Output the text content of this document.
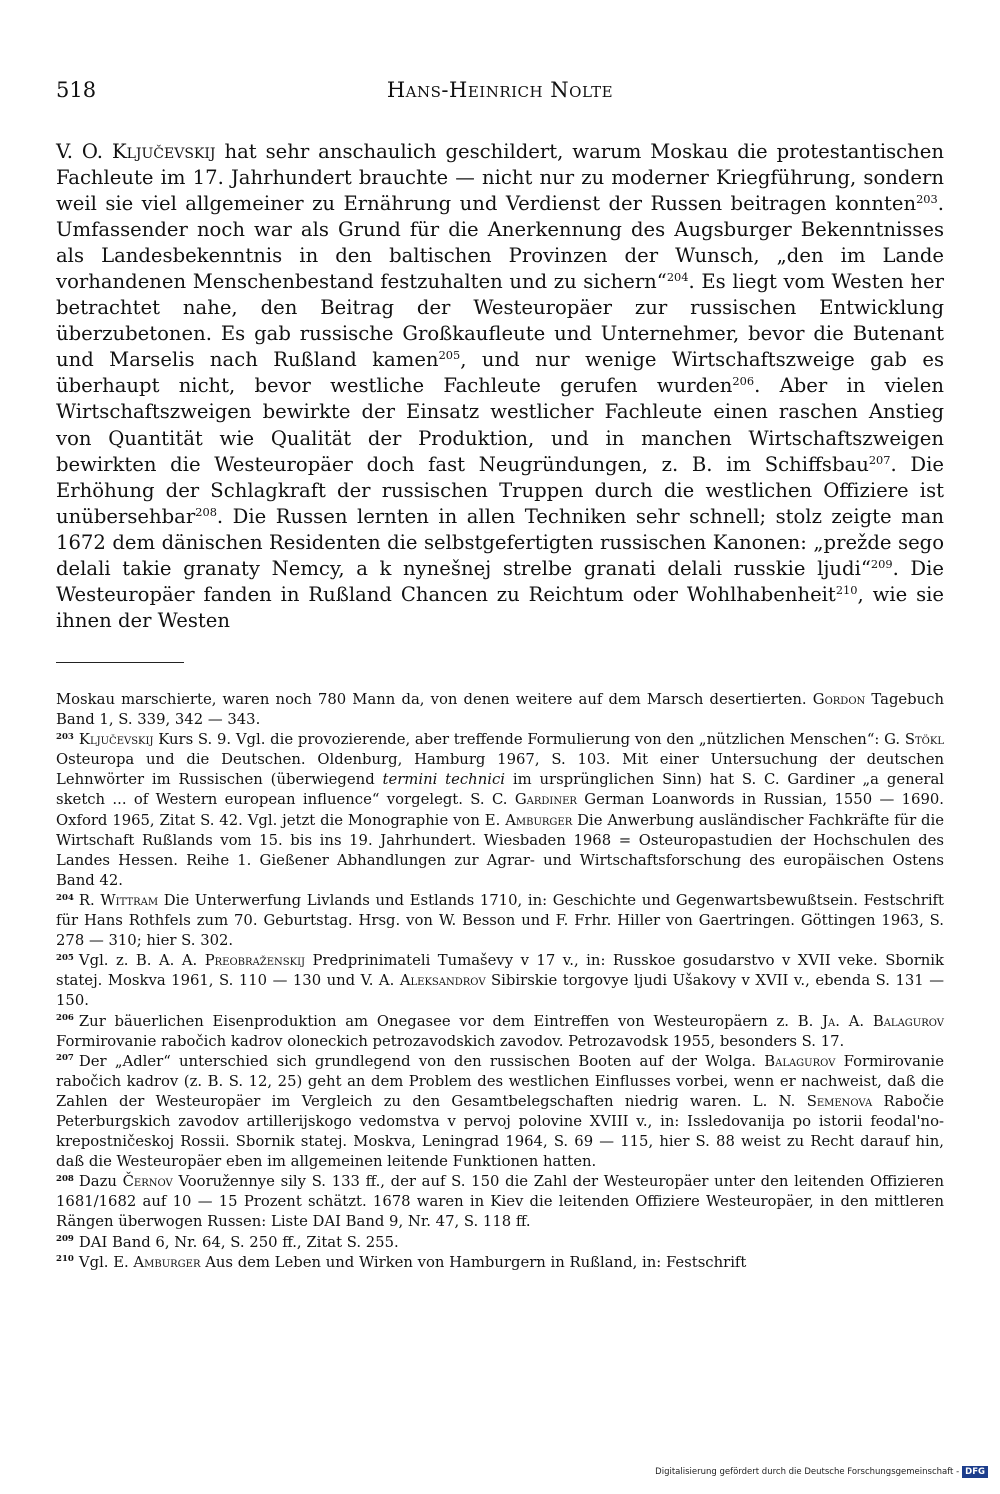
518	Hans-Heinrich Nolte

V. O. Ključevskij hat sehr anschaulich geschildert, warum Moskau die protestantischen Fachleute im 17. Jahrhundert brauchte — nicht nur zu moderner Kriegführung, sondern weil sie viel allgemeiner zu Ernährung und Verdienst der Russen beitragen konnten$^{203}$. Umfassender noch war als Grund für die Anerkennung des Augsburger Bekenntnisses als Landesbekenntnis in den baltischen Provinzen der Wunsch, „den im Lande vorhandenen Menschenbestand festzuhalten und zu sichern“$^{204}$. Es liegt vom Westen her betrachtet nahe, den Beitrag der Westeuropäer zur russischen Entwicklung überzubetonen. Es gab russische Großkaufleute und Unternehmer, bevor die Butenant und Marselis nach Rußland kamen$^{205}$, und nur wenige Wirtschaftszweige gab es überhaupt nicht, bevor westliche Fachleute gerufen wurden$^{206}$. Aber in vielen Wirtschaftszweigen bewirkte der Einsatz westlicher Fachleute einen raschen Anstieg von Quantität wie Qualität der Produktion, und in manchen Wirtschaftszweigen bewirkten die Westeuropäer doch fast Neugründungen, z. B. im Schiffsbau$^{207}$. Die Erhöhung der Schlagkraft der russischen Truppen durch die westlichen Offiziere ist unübersehbar$^{208}$. Die Russen lernten in allen Techniken sehr schnell; stolz zeigte man 1672 dem dänischen Residenten die selbstgefertigten russischen Kanonen: „prežde sego delali takie granaty Nemcy, a k nynešnej strelbe granati delali russkie ljudi“$^{209}$. Die Westeuropäer fanden in Rußland Chancen zu Reichtum oder Wohlhabenheit$^{210}$, wie sie ihnen der Westen

Moskau marschierte, waren noch 780 Mann da, von denen weitere auf dem Marsch desertierten. Gordon Tagebuch Band 1, S. 339, 342 — 343.

$^{203}$ Ključevskij Kurs S. 9. Vgl. die provozierende, aber treffende Formulierung von den „nützlichen Menschen“: G. Stökl Osteuropa und die Deutschen. Oldenburg, Hamburg 1967, S. 103. Mit einer Untersuchung der deutschen Lehnwörter im Russischen (überwiegend termini technici im ursprünglichen Sinn) hat S. C. Gardiner „a general sketch ... of Western european influence“ vorgelegt. S. C. Gardiner German Loanwords in Russian, 1550 — 1690. Oxford 1965, Zitat S. 42. Vgl. jetzt die Monographie von E. Amburger Die Anwerbung ausländischer Fachkräfte für die Wirtschaft Rußlands vom 15. bis ins 19. Jahrhundert. Wiesbaden 1968 = Osteuropastudien der Hochschulen des Landes Hessen. Reihe 1. Gießener Abhandlungen zur Agrar- und Wirtschaftsforschung des europäischen Ostens Band 42.

$^{204}$ R. Wittram Die Unterwerfung Livlands und Estlands 1710, in: Geschichte und Gegenwartsbewußtsein. Festschrift für Hans Rothfels zum 70. Geburtstag. Hrsg. von W. Besson und F. Frhr. Hiller von Gaertringen. Göttingen 1963, S. 278 — 310; hier S. 302.

$^{205}$ Vgl. z. B. A. A. Preobraženskij Predprinimateli Tumaševy v 17 v., in: Russkoe gosudarstvo v XVII veke. Sbornik statej. Moskva 1961, S. 110 — 130 und V. A. Aleksandrov Sibirskie torgovye ljudi Ušakovy v XVII v., ebenda S. 131 — 150.

$^{206}$ Zur bäuerlichen Eisenproduktion am Onegasee vor dem Eintreffen von Westeuropäern z. B. Ja. A. Balagurov Formirovanie rabočich kadrov oloneckich petrozavodskich zavodov. Petrozavodsk 1955, besonders S. 17.

$^{207}$ Der „Adler“ unterschied sich grundlegend von den russischen Booten auf der Wolga. Balagurov Formirovanie rabočich kadrov (z. B. S. 12, 25) geht an dem Problem des westlichen Einflusses vorbei, wenn er nachweist, daß die Zahlen der Westeuropäer im Vergleich zu den Gesamtbelegschaften niedrig waren. L. N. Semenova Rabočie Peterburgskich zavodov artillerijskogo vedomstva v pervoj polovine XVIII v., in: Issledovanija po istorii feodal'no-krepostničeskoj Rossii. Sbornik statej. Moskva, Leningrad 1964, S. 69 — 115, hier S. 88 weist zu Recht darauf hin, daß die Westeuropäer eben im allgemeinen leitende Funktionen hatten.

$^{208}$ Dazu Černov Vooružennye sily S. 133 ff., der auf S. 150 die Zahl der Westeuropäer unter den leitenden Offizieren 1681/1682 auf 10 — 15 Prozent schätzt. 1678 waren in Kiev die leitenden Offiziere Westeuropäer, in den mittleren Rängen überwogen Russen: Liste DAI Band 9, Nr. 47, S. 118 ff.

$^{209}$ DAI Band 6, Nr. 64, S. 250 ff., Zitat S. 255.

$^{210}$ Vgl. E. Amburger Aus dem Leben und Wirken von Hamburgern in Rußland, in: Festschrift

Digitalisierung gefördert durch die Deutsche Forschungsgemeinschaft - DFG
